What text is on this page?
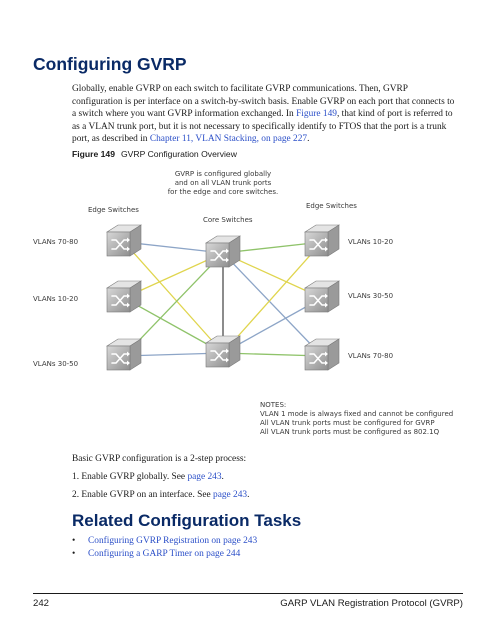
Configuring GVRP
Globally, enable GVRP on each switch to facilitate GVRP communications. Then, GVRP configuration is per interface on a switch-by-switch basis. Enable GVRP on each port that connects to a switch where you want GVRP information exchanged. In Figure 149, that kind of port is referred to as a VLAN trunk port, but it is not necessary to specifically identify to FTOS that the port is a trunk port, as described in Chapter 11, VLAN Stacking, on page 227.
Figure 149 GVRP Configuration Overview
GVRP is configured globally
and on all VLAN trunk ports
for the edge and core switches.
Edge Switches
Core Switches
Edge Switches
VLANs 70-80
VLANs 10-20
VLANs 30-50
VLANs 10-20
VLANs 30-50
VLANs 70-80
NOTES:
VLAN 1 mode is always fixed and cannot be configured
All VLAN trunk ports must be configured for GVRP
All VLAN trunk ports must be configured as 802.1Q
Basic GVRP configuration is a 2-step process:
1. Enable GVRP globally. See page 243.
2. Enable GVRP on an interface. See page 243.
Related Configuration Tasks
• Configuring GVRP Registration on page 243
• Configuring a GARP Timer on page 244
242	GARP VLAN Registration Protocol (GVRP)
